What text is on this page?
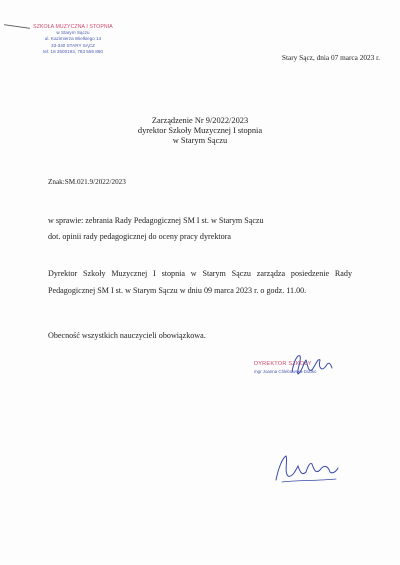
SZKOŁA MUZYCZNA I STOPNIA
w Starym Sączu
ul. Kazimierza Wielkiego 14
33-340 STARY SĄCZ
tel. 18 3500193, 783 559 860
Stary Sącz, dnia 07 marca 2023 r.
Zarządzenie Nr 9/2022/2023
dyrektor Szkoły Muzycznej I stopnia
w Starym Sączu
Znak:SM.021.9/2022/2023
w sprawie: zebrania Rady Pedagogicznej SM I st. w Starym Sączu
dot. opinii rady pedagogicznej do oceny pracy dyrektora
Dyrektor Szkoły Muzycznej I stopnia w Starym Sączu zarządza posiedzenie Rady Pedagogicznej SM I st. w Starym Sączu w dniu 09 marca 2023 r. o godz. 11.00.
Obecność wszystkich nauczycieli obowiązkowa.
DYREKTOR SZKOŁY
mgr Joanna Chlebowska-Dudko
